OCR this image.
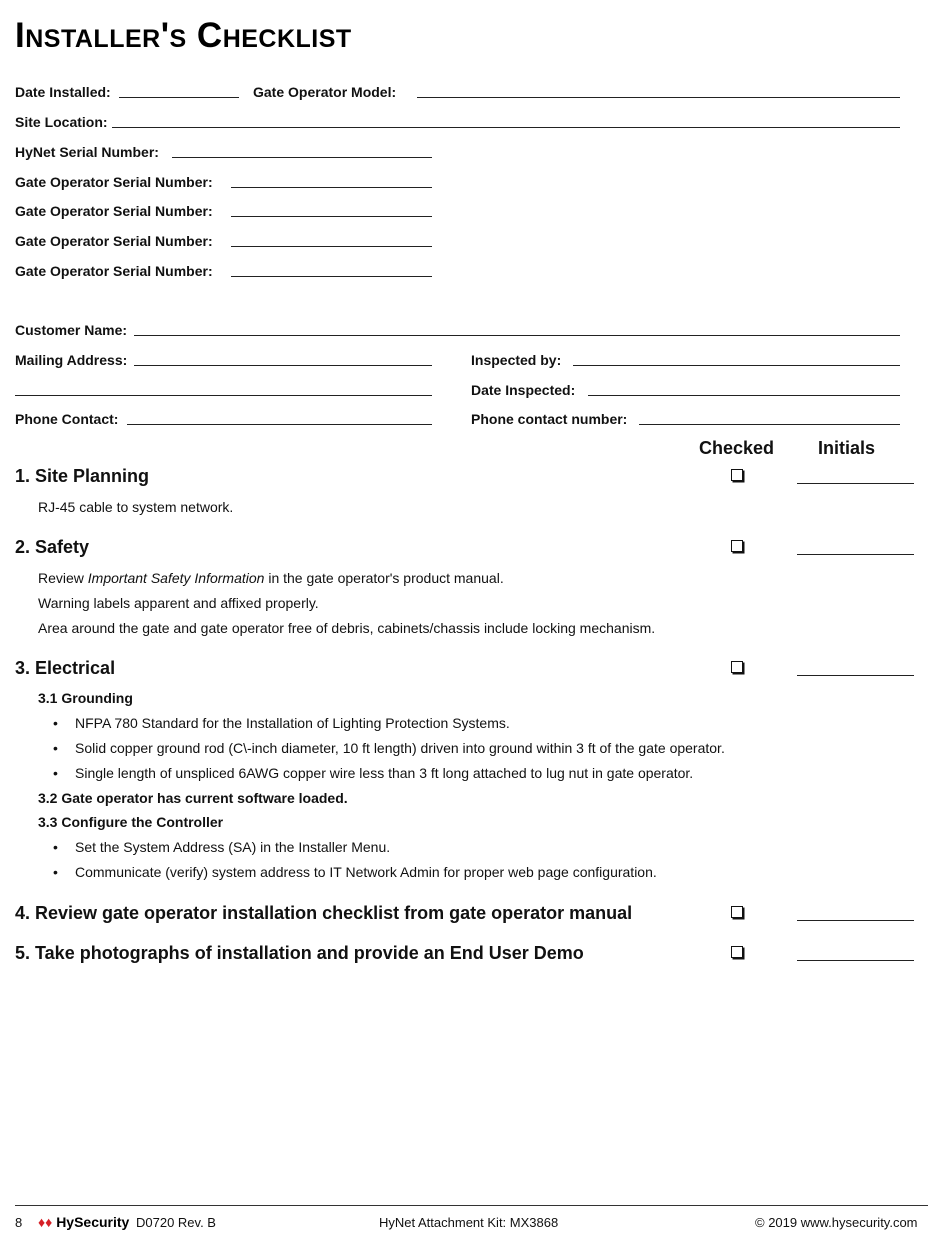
Installer's Checklist
Date Installed:	Gate Operator Model:
Site Location:
HyNet Serial Number:
Gate Operator Serial Number:
Gate Operator Serial Number:
Gate Operator Serial Number:
Gate Operator Serial Number:
Customer Name:
Mailing Address:	Inspected by:
Date Inspected:
Phone Contact:	Phone contact number:
Checked Initials
1. Site Planning
RJ-45 cable to system network.
2. Safety
Review Important Safety Information in the gate operator's product manual.
Warning labels apparent and affixed properly.
Area around the gate and gate operator free of debris, cabinets/chassis include locking mechanism.
3. Electrical
3.1 Grounding
• NFPA 780 Standard for the Installation of Lighting Protection Systems.
• Solid copper ground rod (C\-inch diameter, 10 ft length) driven into ground within 3 ft of the gate operator.
• Single length of unspliced 6AWG copper wire less than 3 ft long attached to lug nut in gate operator.
3.2 Gate operator has current software loaded.
3.3 Configure the Controller
• Set the System Address (SA) in the Installer Menu.
• Communicate (verify) system address to IT Network Admin for proper web page configuration.
4. Review gate operator installation checklist from gate operator manual
5. Take photographs of installation and provide an End User Demo
8 ♦♦ HySecurity D0720 Rev. B	HyNet Attachment Kit: MX3868	© 2019 www.hysecurity.com
